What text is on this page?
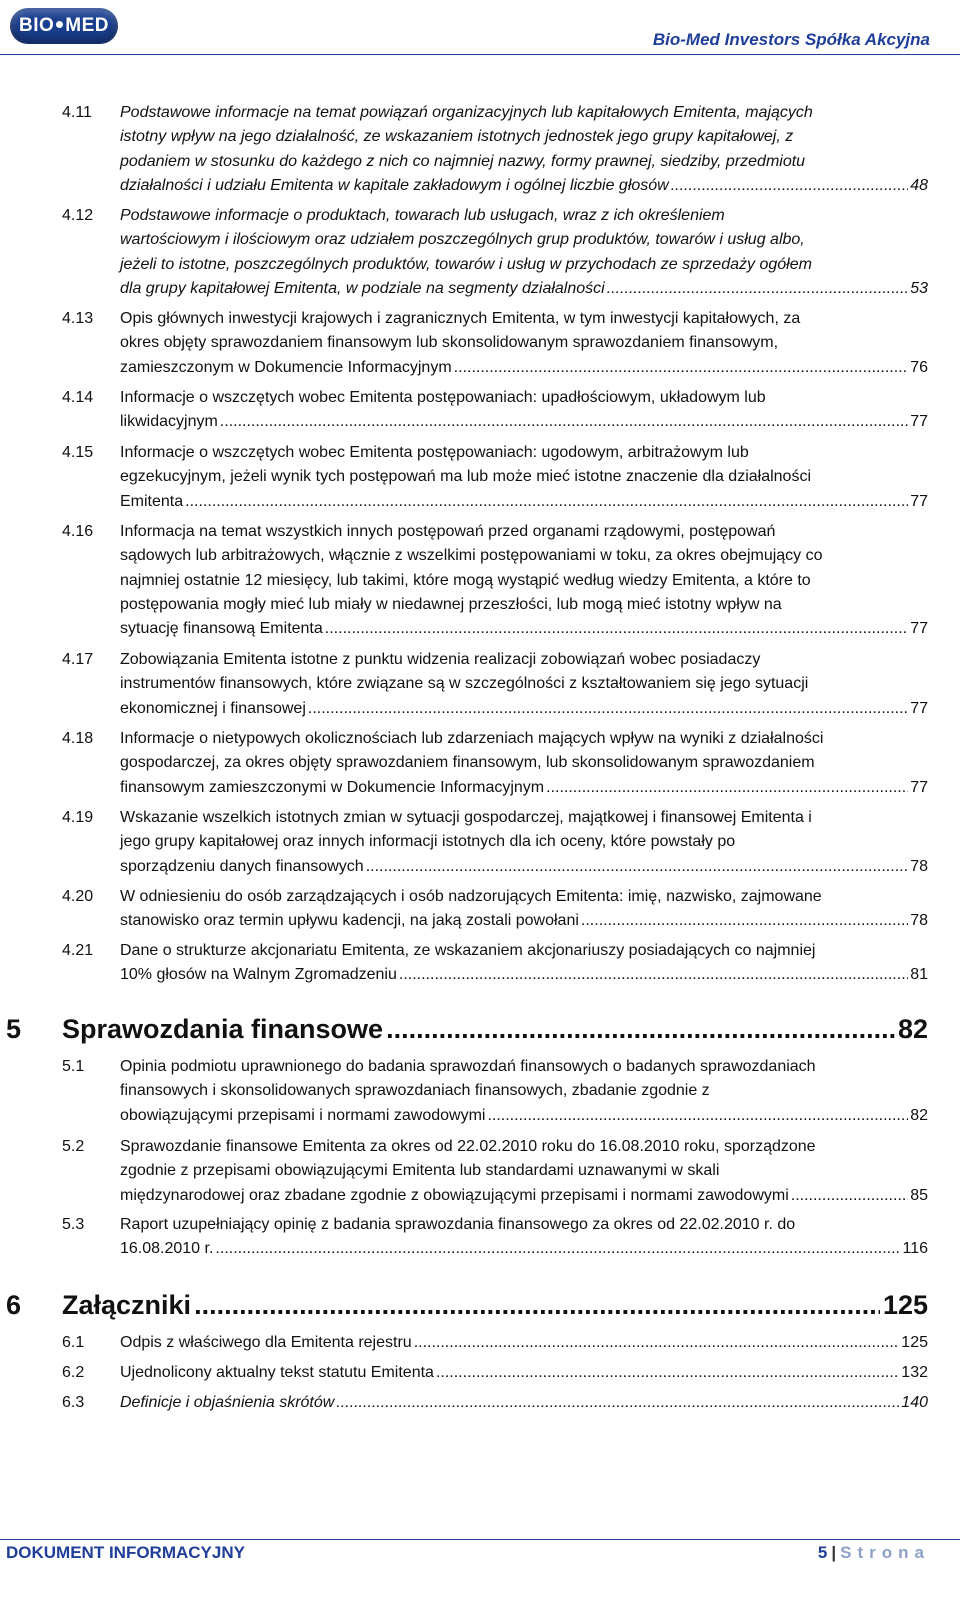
BIO MED
Bio-Med Investors Spółka Akcyjna
4.11	Podstawowe informacje na temat powiązań organizacyjnych lub kapitałowych Emitenta, mających
istotny wpływ na jego działalność, ze wskazaniem istotnych jednostek jego grupy kapitałowej, z
podaniem w stosunku do każdego z nich co najmniej nazwy, formy prawnej, siedziby, przedmiotu
działalności i udziału Emitenta w kapitale zakładowym i ogólnej liczbie głosów .....	48
4.12	Podstawowe informacje o produktach, towarach lub usługach, wraz z ich określeniem
wartościowym i ilościowym oraz udziałem poszczególnych grup produktów, towarów i usług albo,
jeżeli to istotne, poszczególnych produktów, towarów i usług w przychodach ze sprzedaży ogółem
dla grupy kapitałowej Emitenta, w podziale na segmenty działalności .....	53
4.13	Opis głównych inwestycji krajowych i zagranicznych Emitenta, w tym inwestycji kapitałowych, za
okres objęty sprawozdaniem finansowym lub skonsolidowanym sprawozdaniem finansowym,
zamieszczonym w Dokumencie Informacyjnym .....	76
4.14	Informacje o wszczętych wobec Emitenta postępowaniach: upadłościowym, układowym lub
likwidacyjnym .....	77
4.15	Informacje o wszczętych wobec Emitenta postępowaniach: ugodowym, arbitrażowym lub
egzekucyjnym, jeżeli wynik tych postępowań ma lub może mieć istotne znaczenie dla działalności
Emitenta .....	77
4.16	Informacja na temat wszystkich innych postępowań przed organami rządowymi, postępowań
sądowych lub arbitrażowych, włącznie z wszelkimi postępowaniami w toku, za okres obejmujący co
najmniej ostatnie 12 miesięcy, lub takimi, które mogą wystąpić według wiedzy Emitenta, a które to
postępowania mogły mieć lub miały w niedawnej przeszłości, lub mogą mieć istotny wpływ na
sytuację finansową Emitenta .....	77
4.17	Zobowiązania Emitenta istotne z punktu widzenia realizacji zobowiązań wobec posiadaczy
instrumentów finansowych, które związane są w szczególności z kształtowaniem się jego sytuacji
ekonomicznej i finansowej .....	77
4.18	Informacje o nietypowych okolicznościach lub zdarzeniach mających wpływ na wyniki z działalności
gospodarczej, za okres objęty sprawozdaniem finansowym, lub skonsolidowanym sprawozdaniem
finansowym zamieszczonymi w Dokumencie Informacyjnym .....	77
4.19	Wskazanie wszelkich istotnych zmian w sytuacji gospodarczej, majątkowej i finansowej Emitenta i
jego grupy kapitałowej oraz innych informacji istotnych dla ich oceny, które powstały po
sporządzeniu danych finansowych .....	78
4.20	W odniesieniu do osób zarządzających i osób nadzorujących Emitenta: imię, nazwisko, zajmowane
stanowisko oraz termin upływu kadencji, na jaką zostali powołani .....	78
4.21	Dane o strukturze akcjonariatu Emitenta, ze wskazaniem akcjonariuszy posiadających co najmniej
10% głosów na Walnym Zgromadzeniu .....	81
5	Sprawozdania finansowe .....	82
5.1	Opinia podmiotu uprawnionego do badania sprawozdań finansowych o badanych sprawozdaniach
finansowych i skonsolidowanych sprawozdaniach finansowych, zbadanie zgodnie z
obowiązującymi przepisami i normami zawodowymi .....	82
5.2	Sprawozdanie finansowe Emitenta za okres od 22.02.2010 roku do 16.08.2010 roku, sporządzone
zgodnie z przepisami obowiązującymi Emitenta lub standardami uznawanymi w skali
międzynarodowej oraz zbadane zgodnie z obowiązującymi przepisami i normami zawodowymi .....	85
5.3	Raport uzupełniający opinię z badania sprawozdania finansowego za okres od 22.02.2010 r. do
16.08.2010 r. .....	116
6	Załączniki .....	125
6.1	Odpis z właściwego dla Emitenta rejestru .....	125
6.2	Ujednolicony aktualny tekst statutu Emitenta .....	132
6.3	Definicje i objaśnienia skrótów .....	140
DOKUMENT INFORMACYJNY	5 | Strona
